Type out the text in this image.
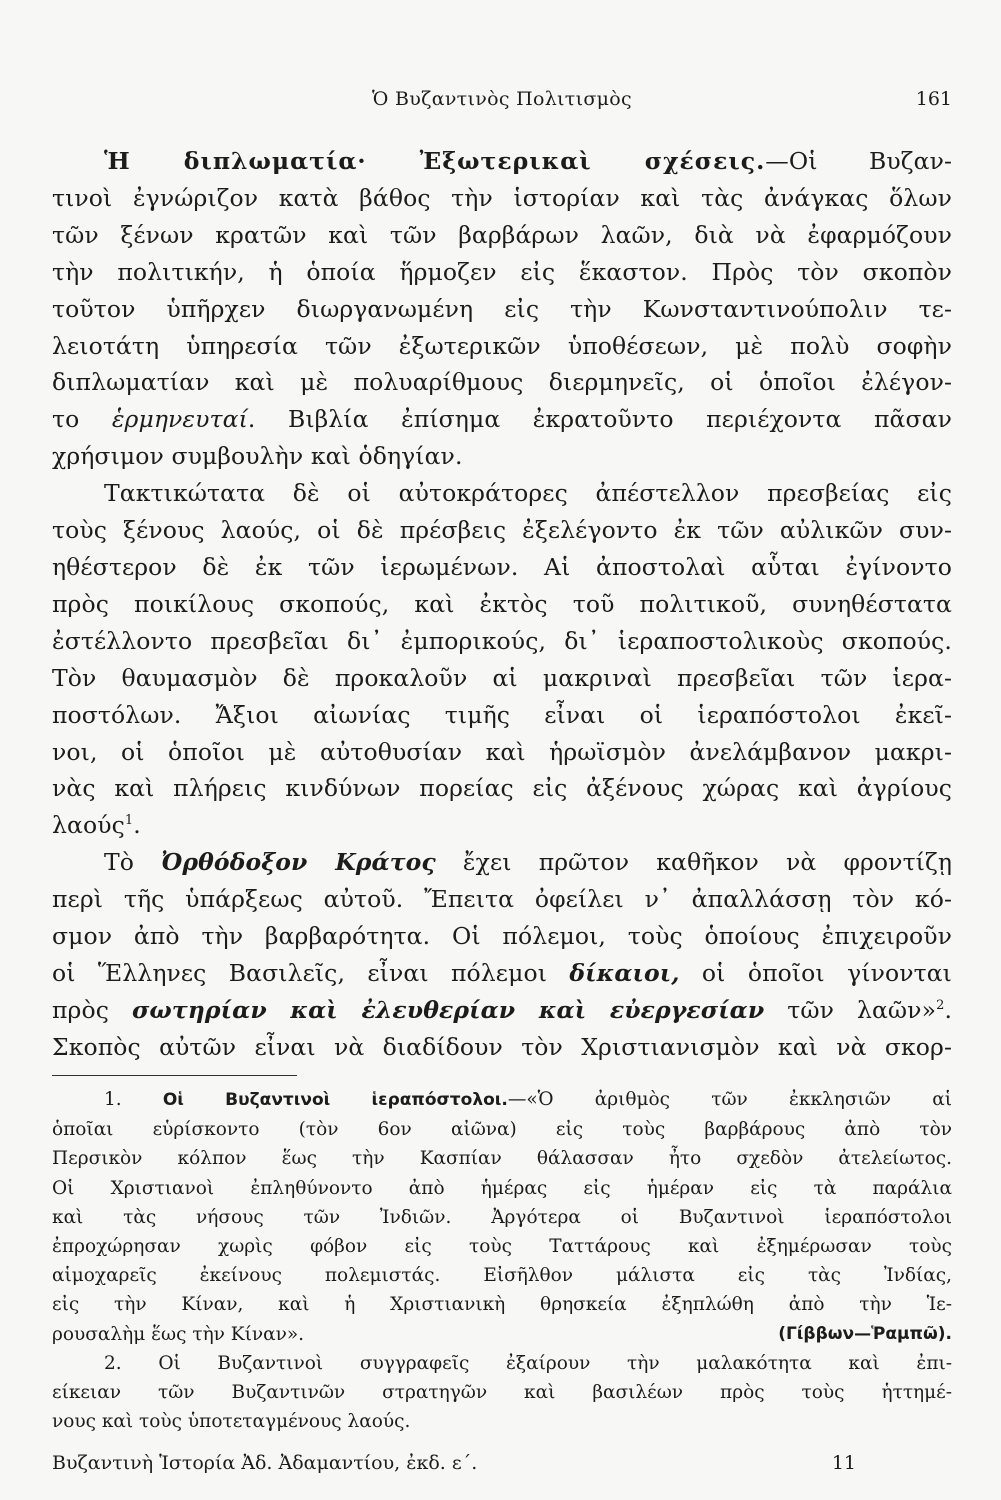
Ὁ Βυζαντινὸς Πολιτισμὸς	161

Ἡ διπλωματία· Ἐξωτερικαὶ σχέσεις.—Οἱ Βυζαν-

τινοὶ ἐγνώριζον κατὰ βάθος τὴν ἱστορίαν καὶ τὰς ἀνάγκας ὅλων

τῶν ξένων κρατῶν καὶ τῶν βαρβάρων λαῶν, διὰ νὰ ἐφαρμόζουν

τὴν πολιτικήν, ἡ ὁποία ἥρμοζεν εἰς ἕκαστον. Πρὸς τὸν σκοπὸν

τοῦτον ὑπῆρχεν διωργανωμένη εἰς τὴν Κωνσταντινούπολιν τε-

λειοτάτη ὑπηρεσία τῶν ἐξωτερικῶν ὑποθέσεων, μὲ πολὺ σοφὴν

διπλωματίαν καὶ μὲ πολυαρίθμους διερμηνεῖς, οἱ ὁποῖοι ἐλέγον-

το ἑρμηνευταί. Βιβλία ἐπίσημα ἐκρατοῦντο περιέχοντα πᾶσαν

χρήσιμον συμβουλὴν καὶ ὁδηγίαν.

Τακτικώτατα δὲ οἱ αὐτοκράτορες ἀπέστελλον πρεσβείας εἰς

τοὺς ξένους λαούς, οἱ δὲ πρέσβεις ἐξελέγοντο ἐκ τῶν αὐλικῶν συν-

ηθέστερον δὲ ἐκ τῶν ἱερωμένων. Αἱ ἀποστολαὶ αὗται ἐγίνοντο

πρὸς ποικίλους σκοπούς, καὶ ἐκτὸς τοῦ πολιτικοῦ, συνηθέστατα

ἐστέλλοντο πρεσβεῖαι δι᾿ ἐμπορικούς, δι᾿ ἱεραποστολικοὺς σκοπούς.

Τὸν θαυμασμὸν δὲ προκαλοῦν αἱ μακριναὶ πρεσβεῖαι τῶν ἱερα-

ποστόλων. Ἄξιοι αἰωνίας τιμῆς εἶναι οἱ ἱεραπόστολοι ἐκεῖ-

νοι, οἱ ὁποῖοι μὲ αὐτοθυσίαν καὶ ἡρωϊσμὸν ἀνελάμβανον μακρι-

νὰς καὶ πλήρεις κινδύνων πορείας εἰς ἀξένους χώρας καὶ ἀγρίους

λαούς$^1$.

Τὸ Ὀρθόδοξον Κράτος ἔχει πρῶτον καθῆκον νὰ φροντίζῃ

περὶ τῆς ὑπάρξεως αὐτοῦ. Ἔπειτα ὀφείλει ν᾿ ἀπαλλάσσῃ τὸν κό-

σμον ἀπὸ τὴν βαρβαρότητα. Οἱ πόλεμοι, τοὺς ὁποίους ἐπιχειροῦν

οἱ Ἕλληνες Βασιλεῖς, εἶναι πόλεμοι δίκαιοι, οἱ ὁποῖοι γίνονται

πρὸς σωτηρίαν καὶ ἐλευθερίαν καὶ εὐεργεσίαν τῶν λαῶν»$^2$.

Σκοπὸς αὐτῶν εἶναι νὰ διαδίδουν τὸν Χριστιανισμὸν καὶ νὰ σκορ-

1. Οἱ Βυζαντινοὶ ἱεραπόστολοι.—«Ὁ ἀριθμὸς τῶν ἐκκλησιῶν αἱ

ὁποῖαι εὑρίσκοντο (τὸν 6ον αἰῶνα) εἰς τοὺς βαρβάρους ἀπὸ τὸν

Περσικὸν κόλπον ἕως τὴν Κασπίαν θάλασσαν ἦτο σχεδὸν ἀτελείωτος.

Οἱ Χριστιανοὶ ἐπληθύνοντο ἀπὸ ἡμέρας εἰς ἡμέραν εἰς τὰ παράλια

καὶ τὰς νήσους τῶν Ἰνδιῶν. Ἀργότερα οἱ Βυζαντινοὶ ἱεραπόστολοι

ἐπροχώρησαν χωρὶς φόβον εἰς τοὺς Ταττάρους καὶ ἐξημέρωσαν τοὺς

αἱμοχαρεῖς ἐκείνους πολεμιστάς. Εἰσῆλθον μάλιστα εἰς τὰς Ἰνδίας,

εἰς τὴν Κίναν, καὶ ἡ Χριστιανικὴ θρησκεία ἐξηπλώθη ἀπὸ τὴν Ἱε-

ρουσαλὴμ ἕως τὴν Κίναν».	(Γίββων—Ῥαμπῶ).

2. Οἱ Βυζαντινοὶ συγγραφεῖς ἐξαίρουν τὴν μαλακότητα καὶ ἐπι-

είκειαν τῶν Βυζαντινῶν στρατηγῶν καὶ βασιλέων πρὸς τοὺς ἡττημέ-

νους καὶ τοὺς ὑποτεταγμένους λαούς.

Βυζαντινὴ Ἱστορία Ἀδ. Ἀδαμαντίου, ἐκδ. ε΄.	11
